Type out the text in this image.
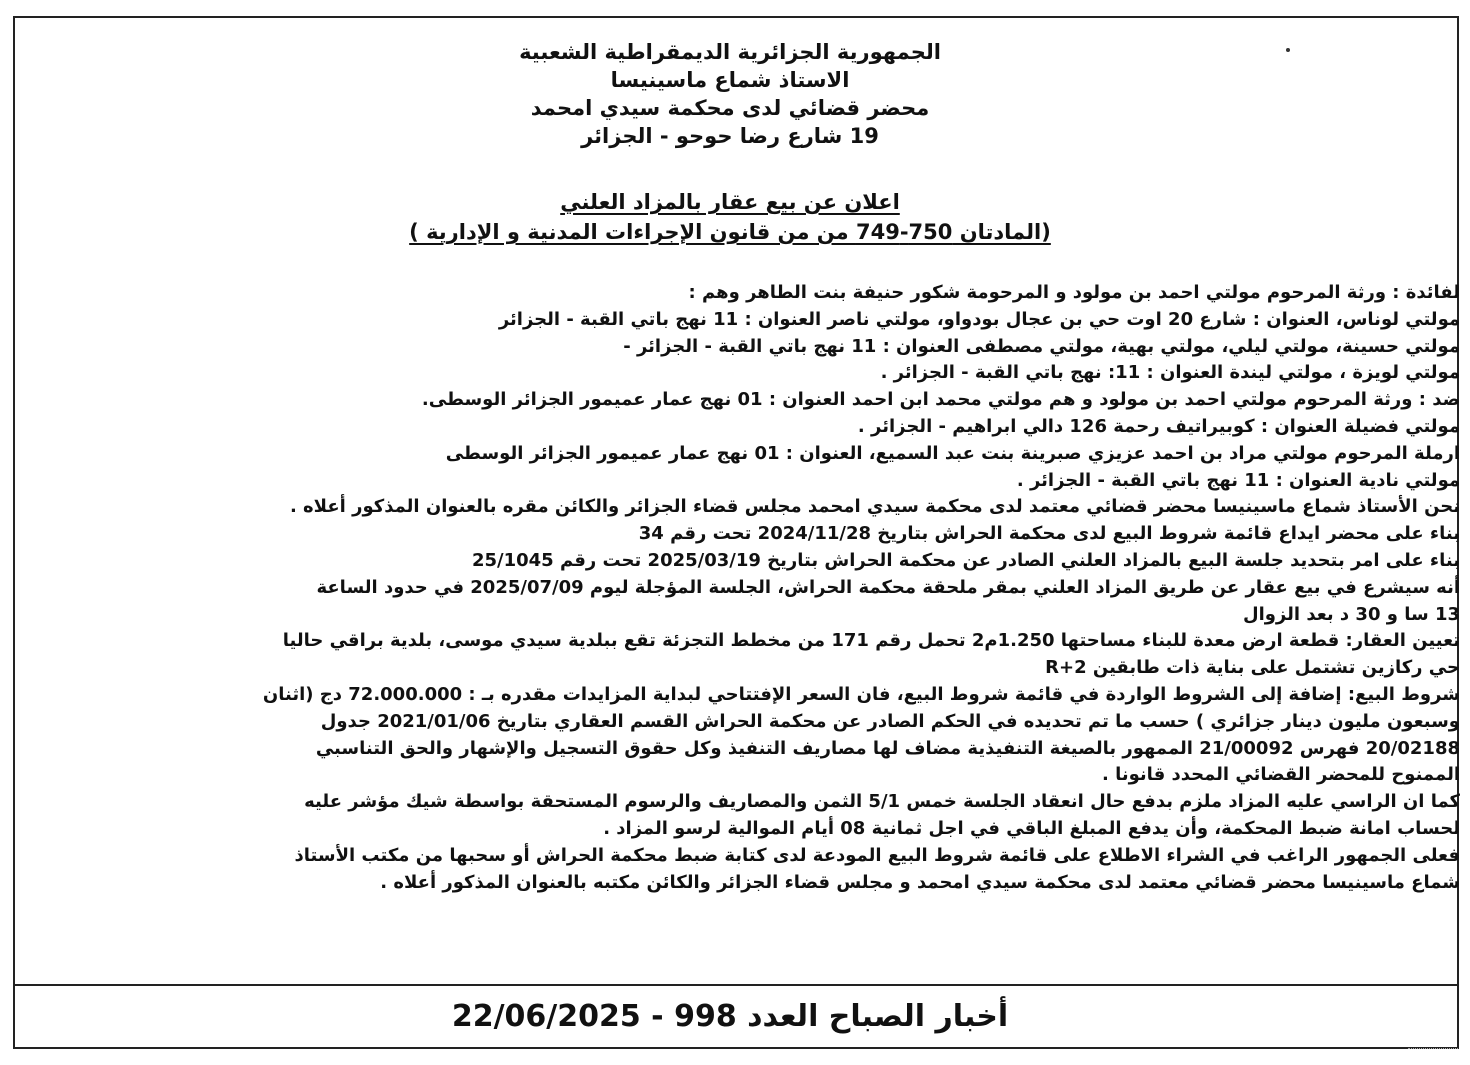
الجمهورية الجزائرية الديمقراطية الشعبية
الاستاذ شماع ماسينيسا
محضر قضائي لدى محكمة سيدي امحمد
19 شارع رضا حوحو - الجزائر
اعلان عن بيع عقار بالمزاد العلني
(المادتان 750-749 من من قانون الإجراءات المدنية و الإدارية )
لفائدة : ورثة المرحوم مولتي احمد بن مولود و المرحومة شكور حنيفة بنت الطاهر وهم :
مولتي لوناس، العنوان : شارع 20 اوت حي بن عجال بودواو، مولتي ناصر العنوان : 11 نهج باتي القبة - الجزائر
مولتي حسينة، مولتي ليلي، مولتي بهية، مولتي مصطفى العنوان : 11 نهج باتي القبة - الجزائر -
مولتي لويزة ، مولتي ليندة العنوان : 11: نهج باتي القبة - الجزائر .
ضد : ورثة المرحوم مولتي احمد بن مولود و هم مولتي محمد ابن احمد العنوان : 01 نهج عمار عميمور الجزائر الوسطى.
مولتي فضيلة العنوان : كوبيراتيف رحمة 126 دالي ابراهيم - الجزائر .
ارملة المرحوم مولتي مراد بن احمد عزيزي صبرينة بنت عبد السميع، العنوان : 01 نهج عمار عميمور الجزائر الوسطى
مولتي نادية العنوان : 11 نهج باتي القبة - الجزائر .
نحن الأستاذ شماع ماسينيسا محضر قضائي معتمد لدى محكمة سيدي امحمد مجلس قضاء الجزائر والكائن مقره بالعنوان المذكور أعلاه .
بناء على محضر ايداع قائمة شروط البيع لدى محكمة الحراش بتاريخ 2024/11/28 تحت رقم 34
بناء على امر بتحديد جلسة البيع بالمزاد العلني الصادر عن محكمة الحراش بتاريخ 2025/03/19 تحت رقم 25/1045
أنه سيشرع في بيع عقار عن طريق المزاد العلني بمقر ملحقة محكمة الحراش، الجلسة المؤجلة ليوم 2025/07/09 في حدود الساعة
13 سا و 30 د بعد الزوال
تعيين العقار: قطعة ارض معدة للبناء مساحتها 1.250م2 تحمل رقم 171 من مخطط التجزئة تقع ببلدية سيدي موسى، بلدية براقي حاليا
حي ركازين تشتمل على بناية ذات طابقين R+2
شروط البيع: إضافة إلى الشروط الواردة في قائمة شروط البيع، فان السعر الإفتتاحي لبداية المزايدات مقدره بـ : 72.000.000 دج (اثنان
وسبعون مليون دينار جزائري ) حسب ما تم تحديده في الحكم الصادر عن محكمة الحراش القسم العقاري بتاريخ 2021/01/06 جدول
20/02188 فهرس 21/00092 الممهور بالصيغة التنفيذية مضاف لها مصاريف التنفيذ وكل حقوق التسجيل والإشهار والحق التناسبي
الممنوح للمحضر القضائي المحدد قانونا .
كما ان الراسي عليه المزاد ملزم بدفع حال انعقاد الجلسة خمس 5/1 الثمن والمصاريف والرسوم المستحقة بواسطة شيك مؤشر عليه
لحساب امانة ضبط المحكمة، وأن يدفع المبلغ الباقي في اجل ثمانية 08 أيام الموالية لرسو المزاد .
فعلى الجمهور الراغب في الشراء الاطلاع على قائمة شروط البيع المودعة لدى كتابة ضبط محكمة الحراش أو سحبها من مكتب الأستاذ
شماع ماسينيسا محضر قضائي معتمد لدى محكمة سيدي امحمد و مجلس قضاء الجزائر والكائن مكتبه بالعنوان المذكور أعلاه .
أخبار الصباح العدد 998 - 22/06/2025
